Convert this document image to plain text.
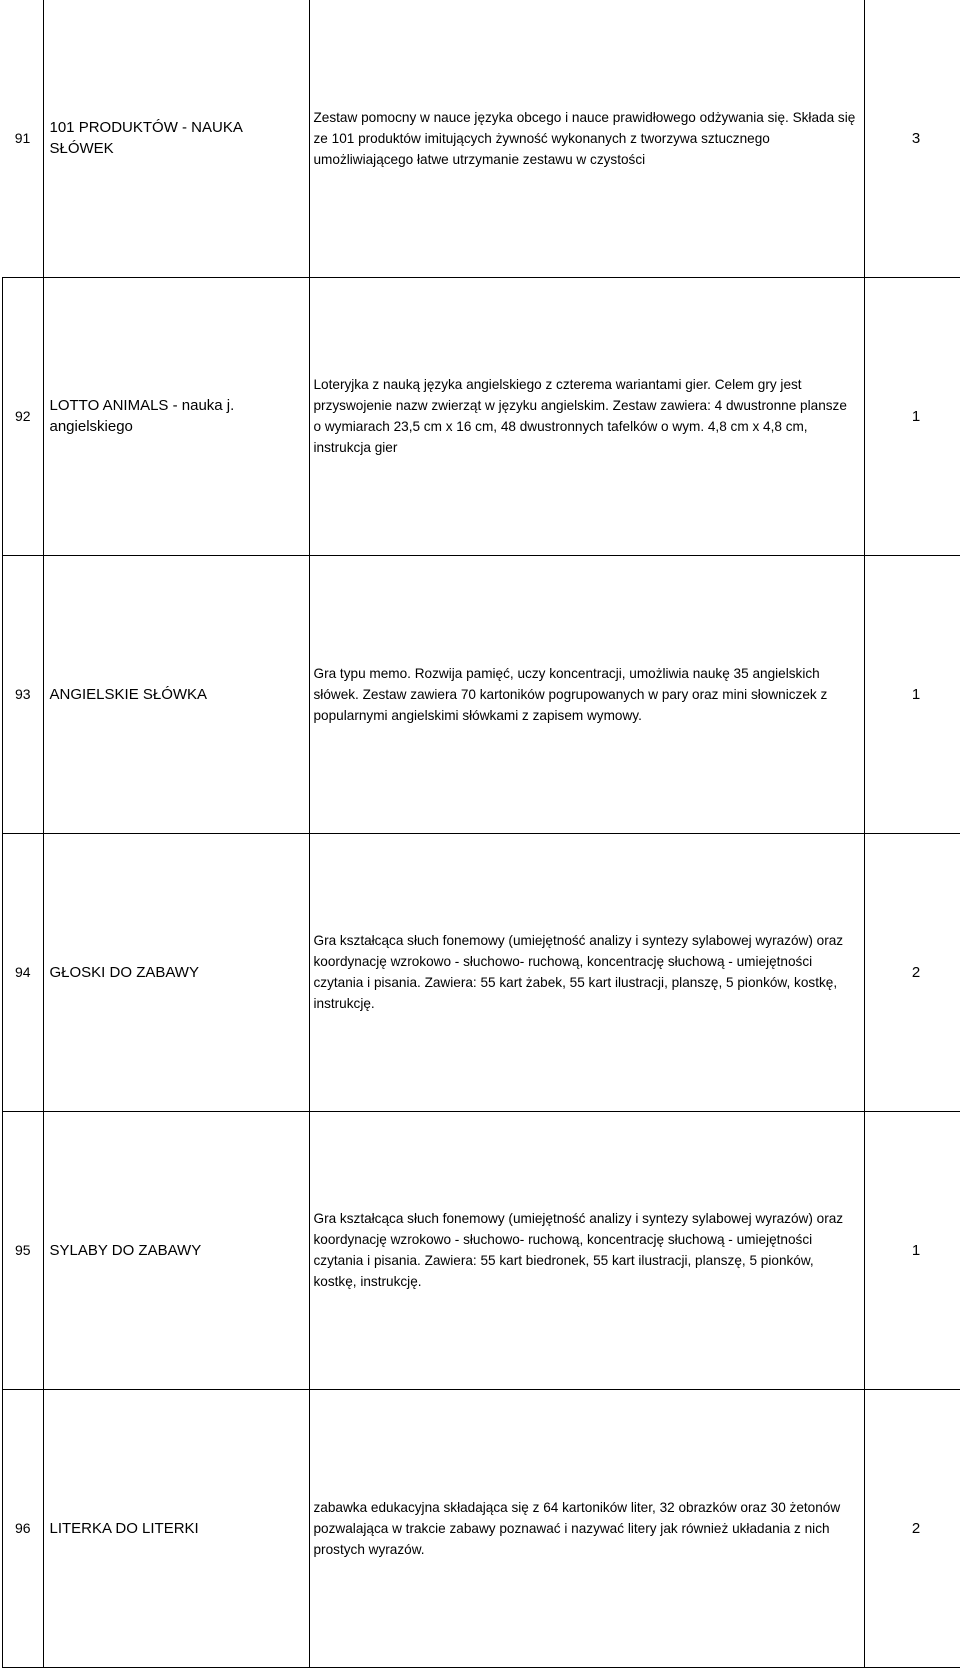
91	101 PRODUKTÓW - NAUKA SŁÓWEK	Zestaw pomocny w nauce języka obcego i nauce prawidłowego odżywania się. Składa się ze 101 produktów imitujących żywność wykonanych z tworzywa sztucznego umożliwiającego łatwe utrzymanie zestawu w czystości	3
92	LOTTO ANIMALS - nauka j. angielskiego	Loteryjka z nauką języka angielskiego z czterema wariantami gier. Celem gry jest przyswojenie nazw zwierząt w języku angielskim. Zestaw zawiera: 4 dwustronne plansze o wymiarach 23,5 cm x 16 cm, 48 dwustronnych tafelków o wym. 4,8 cm x 4,8 cm, instrukcja gier	1
93	ANGIELSKIE SŁÓWKA	Gra typu memo. Rozwija pamięć, uczy koncentracji, umożliwia naukę 35 angielskich słówek. Zestaw zawiera 70 kartoników pogrupowanych w pary oraz mini słowniczek z popularnymi angielskimi słówkami z zapisem wymowy.	1
94	GŁOSKI DO ZABAWY	Gra kształcąca słuch fonemowy (umiejętność analizy i syntezy sylabowej wyrazów) oraz koordynację wzrokowo - słuchowo- ruchową, koncentrację słuchową - umiejętności czytania i pisania. Zawiera: 55 kart żabek, 55 kart ilustracji, planszę, 5 pionków, kostkę, instrukcję.	2
95	SYLABY DO ZABAWY	Gra kształcąca słuch fonemowy (umiejętność analizy i syntezy sylabowej wyrazów) oraz koordynację wzrokowo - słuchowo- ruchową, koncentrację słuchową - umiejętności czytania i pisania. Zawiera: 55 kart biedronek, 55 kart ilustracji, planszę, 5 pionków, kostkę, instrukcję.	1
96	LITERKA DO LITERKI	zabawka edukacyjna składająca się z 64 kartoników liter, 32 obrazków oraz 30 żetonów pozwalająca w trakcie zabawy poznawać i nazywać litery jak również układania z nich prostych wyrazów.	2
